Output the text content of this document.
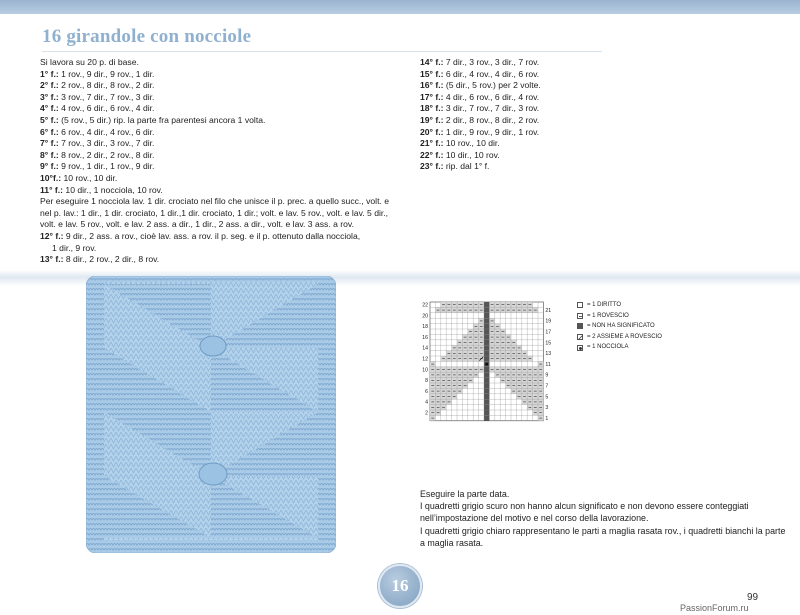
16 girandole con nocciole
Si lavora su 20 p. di base.
1° f.: 1 rov., 9 dir., 9 rov., 1 dir.
2° f.: 2 rov., 8 dir., 8 rov., 2 dir.
3° f.: 3 rov., 7 dir., 7 rov., 3 dir.
4° f.: 4 rov., 6 dir., 6 rov., 4 dir.
5° f.: (5 rov., 5 dir.) rip. la parte fra parentesi ancora 1 volta.
6° f.: 6 rov., 4 dir., 4 rov., 6 dir.
7° f.: 7 rov., 3 dir., 3 rov., 7 dir.
8° f.: 8 rov., 2 dir., 2 rov., 8 dir.
9° f.: 9 rov., 1 dir., 1 rov., 9 dir.
10°f.: 10 rov., 10 dir.
11° f.: 10 dir., 1 nocciola, 10 rov.
Per eseguire 1 nocciola lav. 1 dir. crociato nel filo che unisce il p. prec. a quello succ., volt. e nel p. lav.: 1 dir., 1 dir. crociato, 1 dir.,1 dir. crociato, 1 dir.; volt. e lav. 5 rov., volt. e lav. 5 dir., volt. e lav. 5 rov., volt. e lav. 2 ass. a dir., 1 dir., 2 ass. a dir., volt. e lav. 3 ass. a rov.
12° f.: 9 dir., 2 ass. a rov., cioè lav. ass. a rov. il p. seg. e il p. ottenuto dalla nocciola,
1 dir., 9 rov.
13° f.: 8 dir., 2 rov., 2 dir., 8 rov.
14° f.: 7 dir., 3 rov., 3 dir., 7 rov.
15° f.: 6 dir., 4 rov., 4 dir., 6 rov.
16° f.: (5 dir., 5 rov.) per 2 volte.
17° f.: 4 dir., 6 rov., 6 dir., 4 rov.
18° f.: 3 dir., 7 rov., 7 dir., 3 rov.
19° f.: 2 dir., 8 rov., 8 dir., 2 rov.
20° f.: 1 dir., 9 rov., 9 dir., 1 rov.
21° f.: 10 rov., 10 dir.
22° f.: 10 dir., 10 rov.
23° f.: rip. dal 1° f.
22
20
18
16
14
12
10
8
6
4
2
21
19
17
15
13
11
9
7
5
3
1
= 1 DIRITTO
= 1 ROVESCIO
= NON HA SIGNIFICATO
= 2 ASSIEME A ROVESCIO
= 1 NOCCIOLA
Eseguire la parte data.
I quadretti grigio scuro non hanno alcun significato e non devono essere conteggiati nell’impostazione del motivo e nel corso della lavorazione.
I quadretti grigio chiaro rappresentano le parti a maglia rasata rov., i quadretti bianchi la parte a maglia rasata.
16
99
PassionForum.ru
